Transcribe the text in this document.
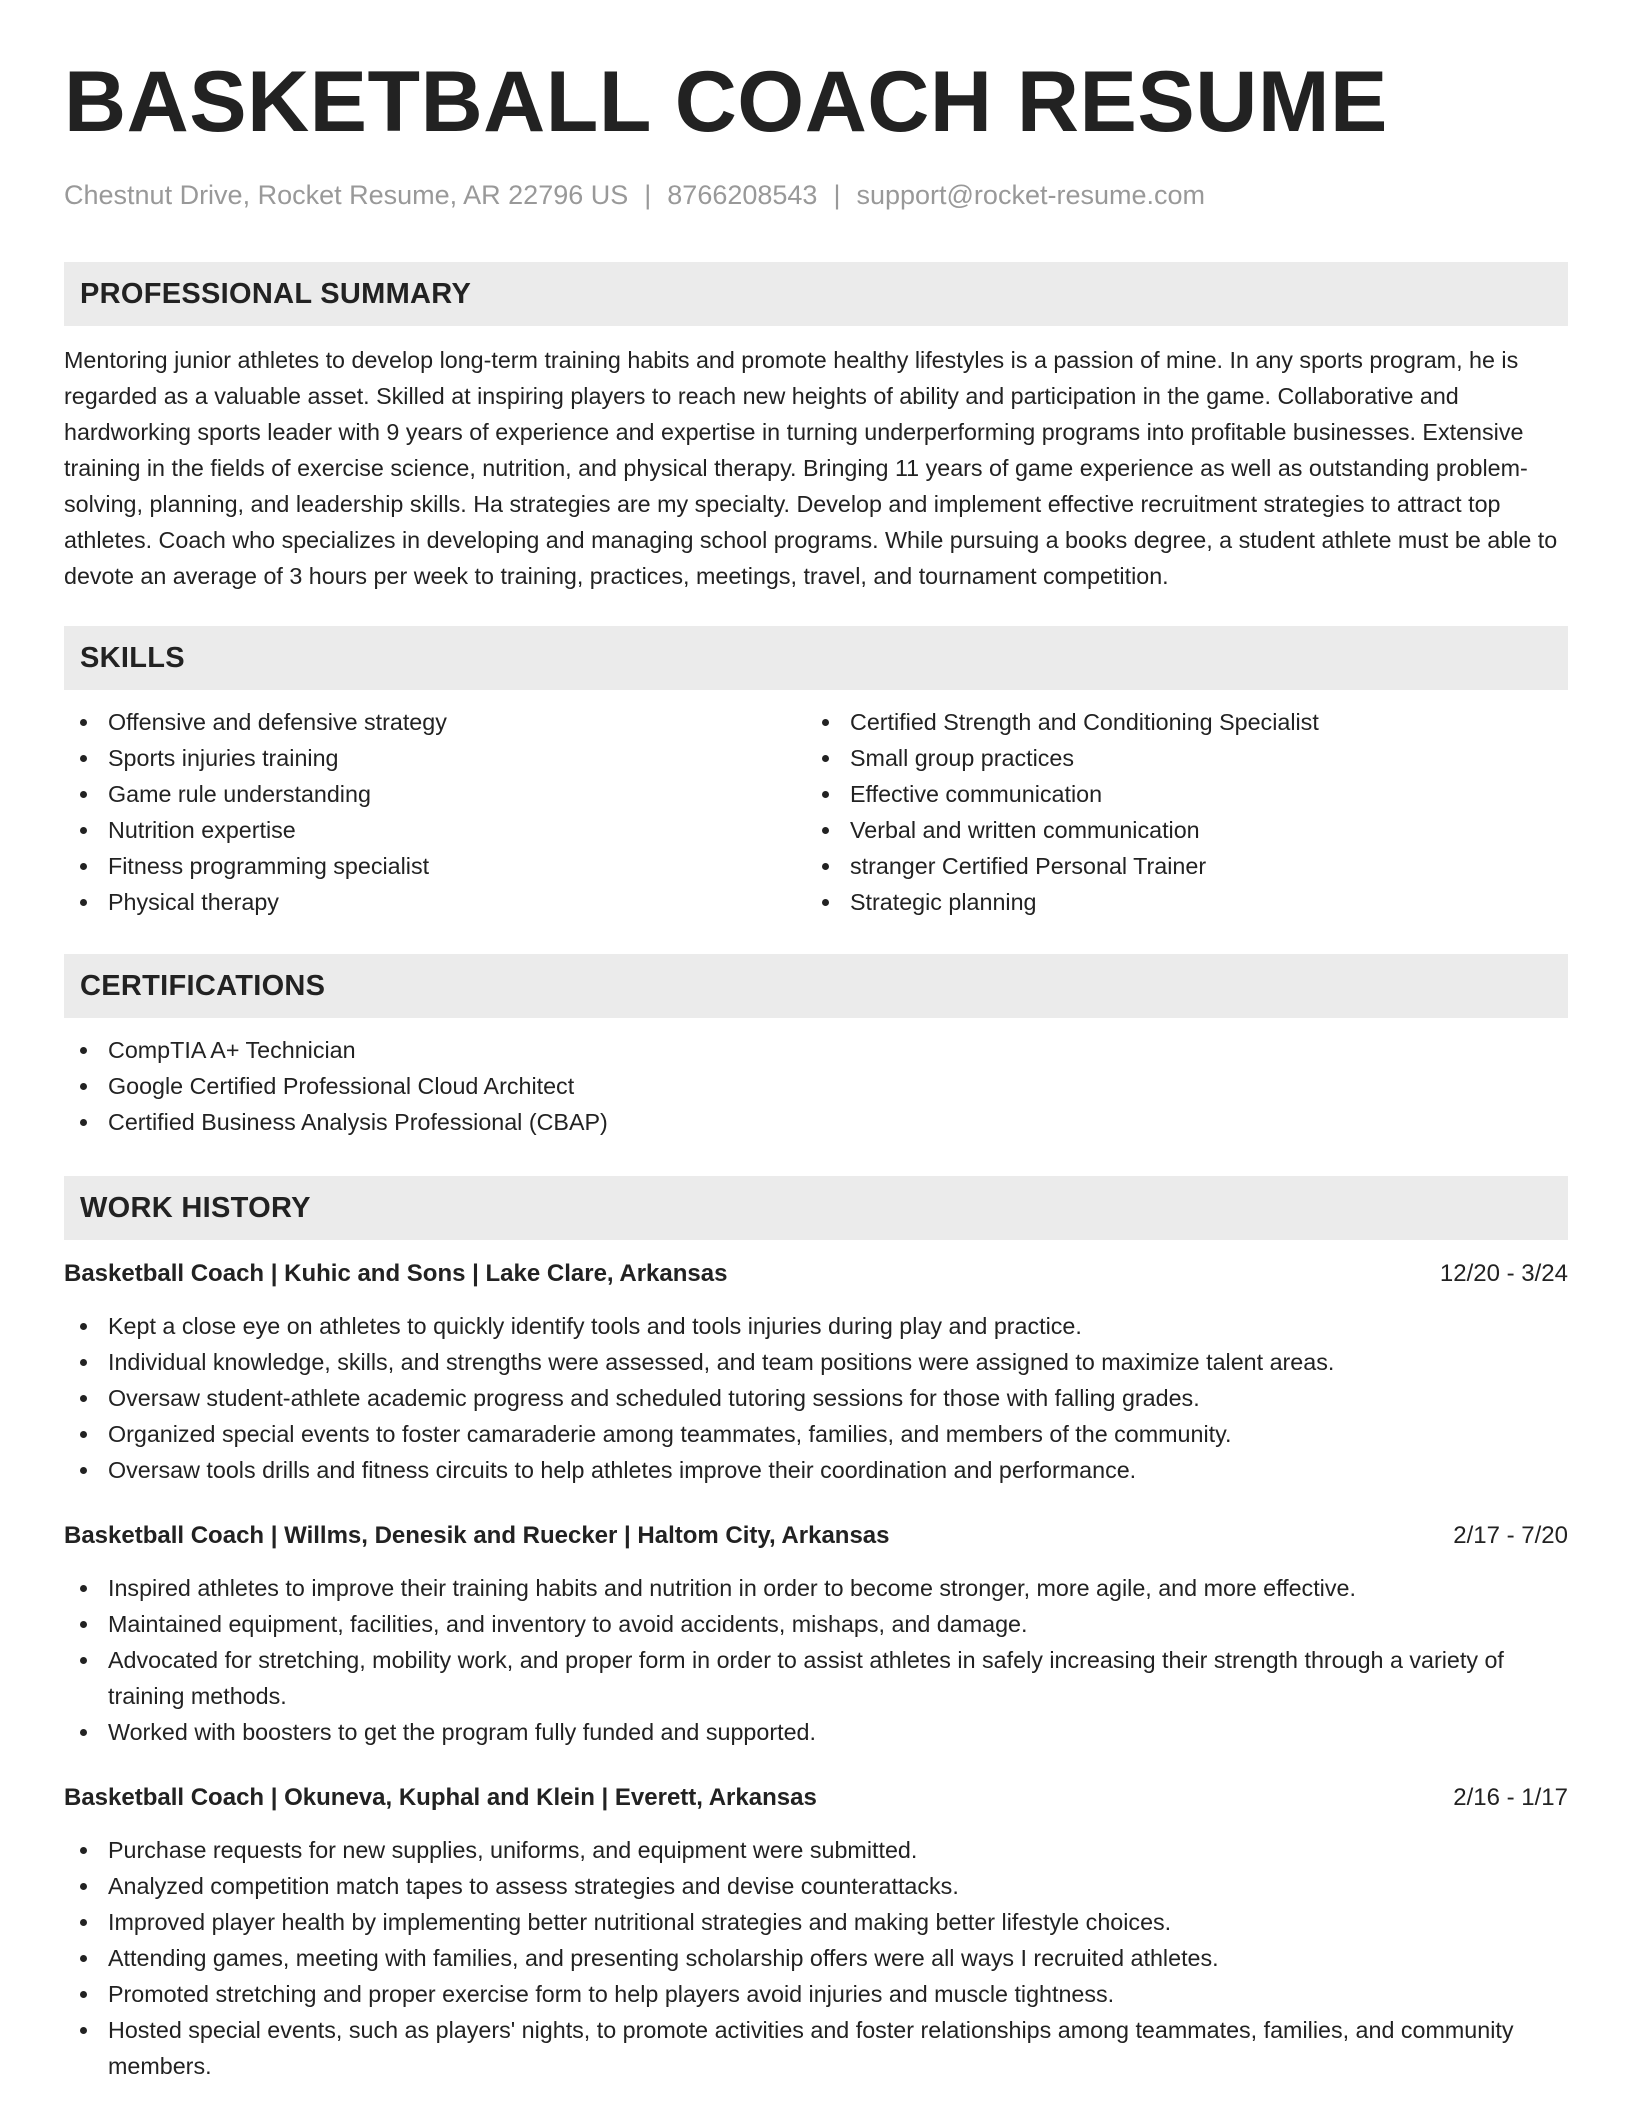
BASKETBALL COACH RESUME
Chestnut Drive, Rocket Resume, AR 22796 US | 8766208543 | support@rocket-resume.com
PROFESSIONAL SUMMARY

Mentoring junior athletes to develop long-term training habits and promote healthy lifestyles is a passion of mine. In any sports program, he is regarded as a valuable asset. Skilled at inspiring players to reach new heights of ability and participation in the game. Collaborative and hardworking sports leader with 9 years of experience and expertise in turning underperforming programs into profitable businesses. Extensive training in the fields of exercise science, nutrition, and physical therapy. Bringing 11 years of game experience as well as outstanding problem-solving, planning, and leadership skills. Ha strategies are my specialty. Develop and implement effective recruitment strategies to attract top athletes. Coach who specializes in developing and managing school programs. While pursuing a books degree, a student athlete must be able to devote an average of 3 hours per week to training, practices, meetings, travel, and tournament competition.

SKILLS
Offensive and defensive strategy
Sports injuries training
Game rule understanding
Nutrition expertise
Fitness programming specialist
Physical therapy
Certified Strength and Conditioning Specialist
Small group practices
Effective communication
Verbal and written communication
stranger Certified Personal Trainer
Strategic planning
CERTIFICATIONS
CompTIA A+ Technician
Google Certified Professional Cloud Architect
Certified Business Analysis Professional (CBAP)
WORK HISTORY
Basketball Coach | Kuhic and Sons | Lake Clare, Arkansas	12/20 - 3/24
Kept a close eye on athletes to quickly identify tools and tools injuries during play and practice.
Individual knowledge, skills, and strengths were assessed, and team positions were assigned to maximize talent areas.
Oversaw student-athlete academic progress and scheduled tutoring sessions for those with falling grades.
Organized special events to foster camaraderie among teammates, families, and members of the community.
Oversaw tools drills and fitness circuits to help athletes improve their coordination and performance.
Basketball Coach | Willms, Denesik and Ruecker | Haltom City, Arkansas	2/17 - 7/20
Inspired athletes to improve their training habits and nutrition in order to become stronger, more agile, and more effective.
Maintained equipment, facilities, and inventory to avoid accidents, mishaps, and damage.
Advocated for stretching, mobility work, and proper form in order to assist athletes in safely increasing their strength through a variety of training methods.
Worked with boosters to get the program fully funded and supported.
Basketball Coach | Okuneva, Kuphal and Klein | Everett, Arkansas	2/16 - 1/17
Purchase requests for new supplies, uniforms, and equipment were submitted.
Analyzed competition match tapes to assess strategies and devise counterattacks.
Improved player health by implementing better nutritional strategies and making better lifestyle choices.
Attending games, meeting with families, and presenting scholarship offers were all ways I recruited athletes.
Promoted stretching and proper exercise form to help players avoid injuries and muscle tightness.
Hosted special events, such as players' nights, to promote activities and foster relationships among teammates, families, and community members.
